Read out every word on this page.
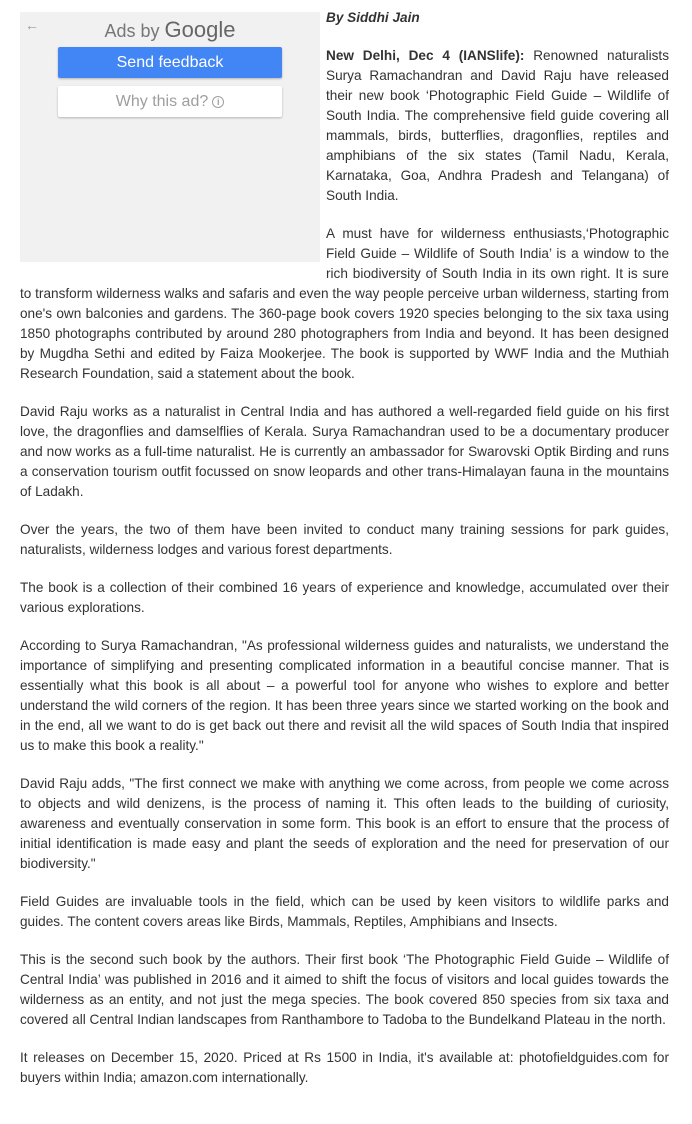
←	Ads by Google
Send feedback
Why this ad? i
By Siddhi Jain

New Delhi, Dec 4 (IANSlife): Renowned naturalists Surya Ramachandran and David Raju have released their new book ‘Photographic Field Guide – Wildlife of South India. The comprehensive field guide covering all mammals, birds, butterflies, dragonflies, reptiles and amphibians of the six states (Tamil Nadu, Kerala, Karnataka, Goa, Andhra Pradesh and Telangana) of South India.

A must have for wilderness enthusiasts,‘Photographic Field Guide – Wildlife of South India’ is a window to the rich biodiversity of South India in its own right. It is sure to transform wilderness walks and safaris and even the way people perceive urban wilderness, starting from one's own balconies and gardens. The 360-page book covers 1920 species belonging to the six taxa using 1850 photographs contributed by around 280 photographers from India and beyond. It has been designed by Mugdha Sethi and edited by Faiza Mookerjee. The book is supported by WWF India and the Muthiah Research Foundation, said a statement about the book.

David Raju works as a naturalist in Central India and has authored a well-regarded field guide on his first love, the dragonflies and damselflies of Kerala. Surya Ramachandran used to be a documentary producer and now works as a full-time naturalist. He is currently an ambassador for Swarovski Optik Birding and runs a conservation tourism outfit focussed on snow leopards and other trans-Himalayan fauna in the mountains of Ladakh.

Over the years, the two of them have been invited to conduct many training sessions for park guides, naturalists, wilderness lodges and various forest departments.

The book is a collection of their combined 16 years of experience and knowledge, accumulated over their various explorations.

According to Surya Ramachandran, "As professional wilderness guides and naturalists, we understand the importance of simplifying and presenting complicated information in a beautiful concise manner. That is essentially what this book is all about – a powerful tool for anyone who wishes to explore and better understand the wild corners of the region. It has been three years since we started working on the book and in the end, all we want to do is get back out there and revisit all the wild spaces of South India that inspired us to make this book a reality."

David Raju adds, "The first connect we make with anything we come across, from people we come across to objects and wild denizens, is the process of naming it. This often leads to the building of curiosity, awareness and eventually conservation in some form. This book is an effort to ensure that the process of initial identification is made easy and plant the seeds of exploration and the need for preservation of our biodiversity."

Field Guides are invaluable tools in the field, which can be used by keen visitors to wildlife parks and guides. The content covers areas like Birds, Mammals, Reptiles, Amphibians and Insects.

This is the second such book by the authors. Their first book ‘The Photographic Field Guide – Wildlife of Central India’ was published in 2016 and it aimed to shift the focus of visitors and local guides towards the wilderness as an entity, and not just the mega species. The book covered 850 species from six taxa and covered all Central Indian landscapes from Ranthambore to Tadoba to the Bundelkand Plateau in the north.

It releases on December 15, 2020. Priced at Rs 1500 in India, it's available at: photofieldguides.com for buyers within India; amazon.com internationally.
